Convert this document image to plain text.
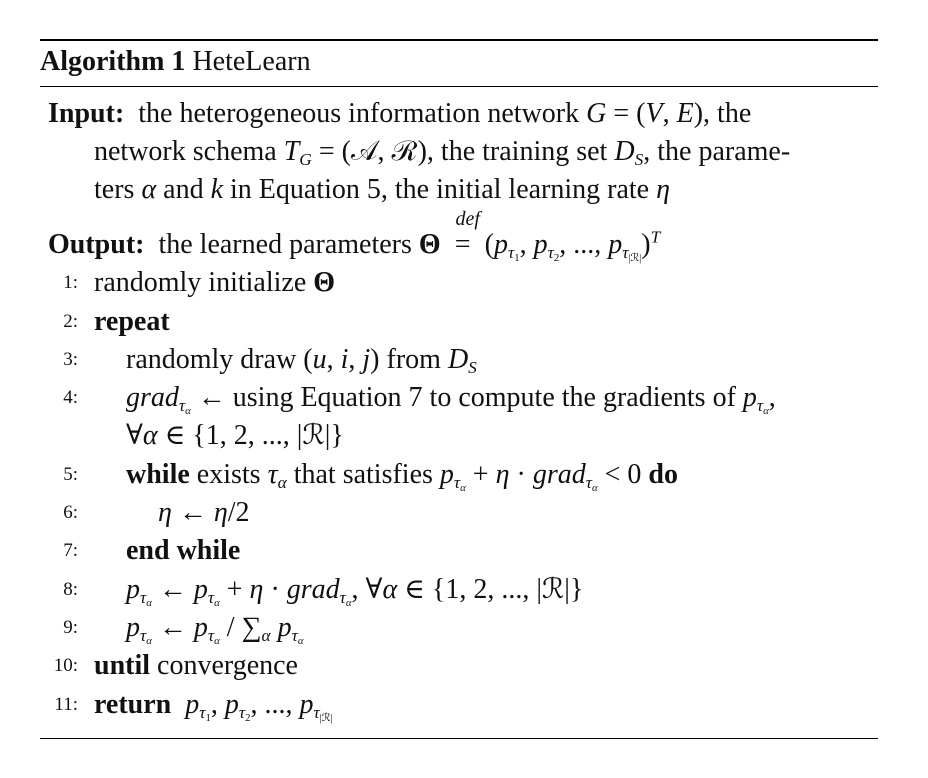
Algorithm 1 HeteLearn
Input:  the heterogeneous information network G = (V, E), the
network schema $T_G$ = (𝒜, ℛ), the training set $D_S$, the parame-
ters α and k in Equation 5, the initial learning rate η
Output:  the learned parameters Θ
def
= ($p_{\tau_1}$, $p_{\tau_2}$, ..., $p_{\tau_{|ℛ|}})^T$
1: randomly initialize Θ
2: repeat
3: randomly draw (u, i, j) from $D_S$
4: grad$_{\tau_\alpha}$ ← using Equation 7 to compute the gradients of $p_{\tau_\alpha}$,
∀α ∈ {1, 2, ..., |ℛ|}
5: while exists $\tau_\alpha$ that satisfies $p_{\tau_\alpha} + \eta$ · grad$_{\tau_\alpha}$ < 0 do
6:	η ← η/2
7: end while
8: $p_{\tau_\alpha}$ ← $p_{\tau_\alpha} + \eta$ · grad$_{\tau_\alpha}$, ∀α ∈ {1, 2, ..., |ℛ|}
9: $p_{\tau_\alpha}$ ← $p_{\tau_\alpha} / \sum_\alpha$ $p_{\tau_\alpha}$
10: until convergence
11: return $p_{\tau_1}$, $p_{\tau_2}$, ..., $p_{\tau_{|ℛ|}}$
